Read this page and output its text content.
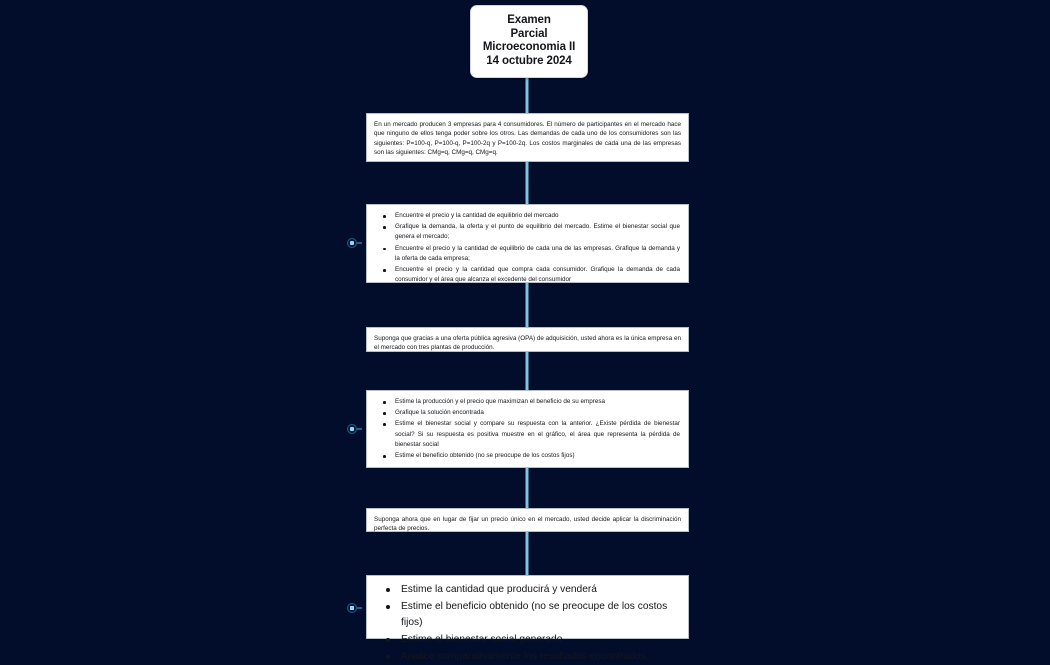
Examen
Parcial
Microeconomia II
14 octubre 2024
En un mercado producen 3 empresas para 4 consumidores. El número de participantes en el mercado hace que ninguno de ellos tenga poder sobre los otros. Las demandas de cada uno de los consumidores son las siguientes: P=100-q, P=100-q, P=100-2q y P=100-2q. Los costos marginales de cada una de las empresas son las siguientes: CMg=q, CMg=q, CMg=q.
Encuentre el precio y la cantidad de equilibrio del mercado
Grafique la demanda, la oferta y el punto de equilibrio del mercado. Estime el bienestar social que genera el mercado;
Encuentre el precio y la cantidad de equilibrio de cada una de las empresas. Grafique la demanda y la oferta de cada empresa;
Encuentre el precio y la cantidad que compra cada consumidor. Grafique la demanda de cada consumidor y el área que alcanza el excedente del consumidor
Suponga que gracias a una oferta pública agresiva (OPA) de adquisición, usted ahora es la única empresa en el mercado con tres plantas de producción.
Estime la producción y el precio que maximizan el beneficio de su empresa
Grafique la solución encontrada
Estime el bienestar social y compare su respuesta con la anterior. ¿Existe pérdida de bienestar social? Si su respuesta es positiva muestre en el gráfico, el área que representa la pérdida de bienestar social
Estime el beneficio obtenido (no se preocupe de los costos fijos)
Suponga ahora que en lugar de fijar un precio único en el mercado, usted decide aplicar la discriminación perfecta de precios.
Estime la cantidad que producirá y venderá
Estime el beneficio obtenido (no se preocupe de los costos fijos)
Estime el bienestar social generado
Analice comparativamente los resultados encontrados.
